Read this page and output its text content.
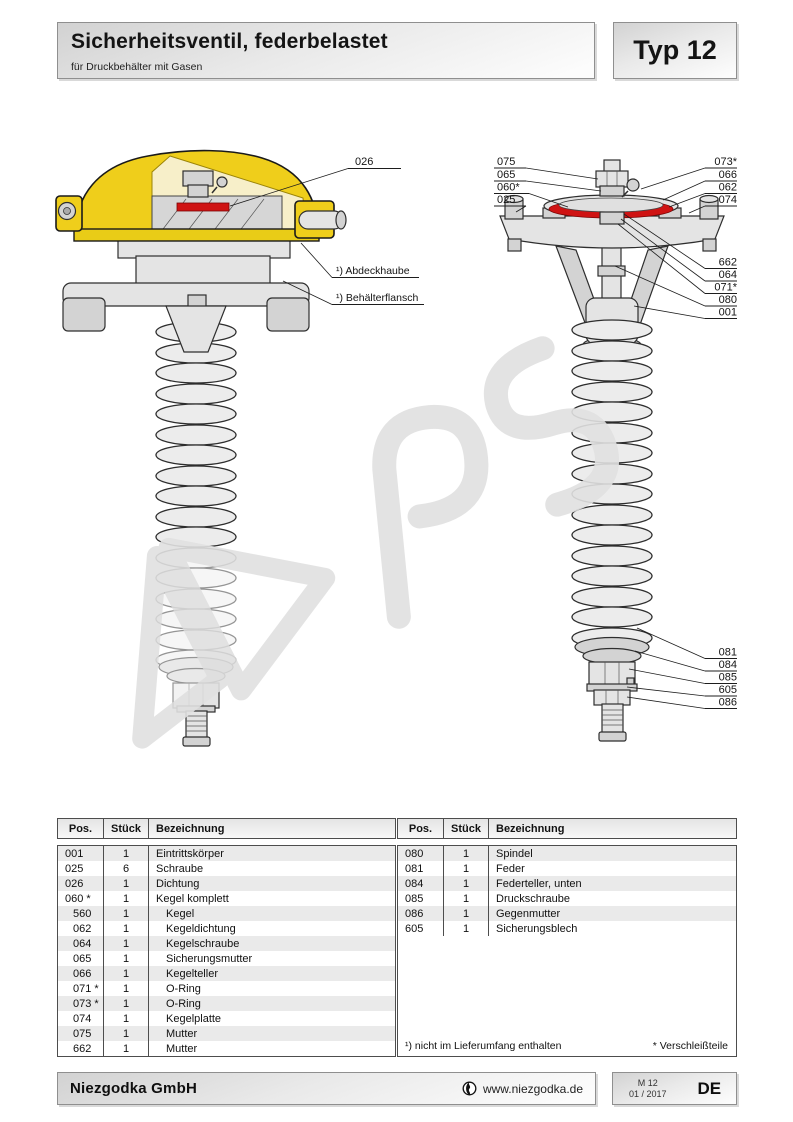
026
¹) Abdeckhaube
¹) Behälterflansch
075
065
060*
025
073*
066
062
074
662
064
071*
080
001
081
084
085
605
086
Sicherheitsventil, federbelastet
für Druckbehälter mit Gasen
Typ 12
Pos.	Stück	Bezeichnung
001	1	Eintrittskörper
025	6	Schraube
026	1	Dichtung
060 *	1	Kegel komplett
560	1	Kegel
062	1	Kegeldichtung
064	1	Kegelschraube
065	1	Sicherungsmutter
066	1	Kegelteller
071 *	1	O-Ring
073 *	1	O-Ring
074	1	Kegelplatte
075	1	Mutter
662	1	Mutter
Pos.	Stück	Bezeichnung
080	1	Spindel
081	1	Feder
084	1	Federteller, unten
085	1	Druckschraube
086	1	Gegenmutter
605	1	Sicherungsblech
¹) nicht im Lieferumfang enthalten	* Verschleißteile
Niezgodka GmbH	www.niezgodka.de	M 12
01 / 2017	DE
